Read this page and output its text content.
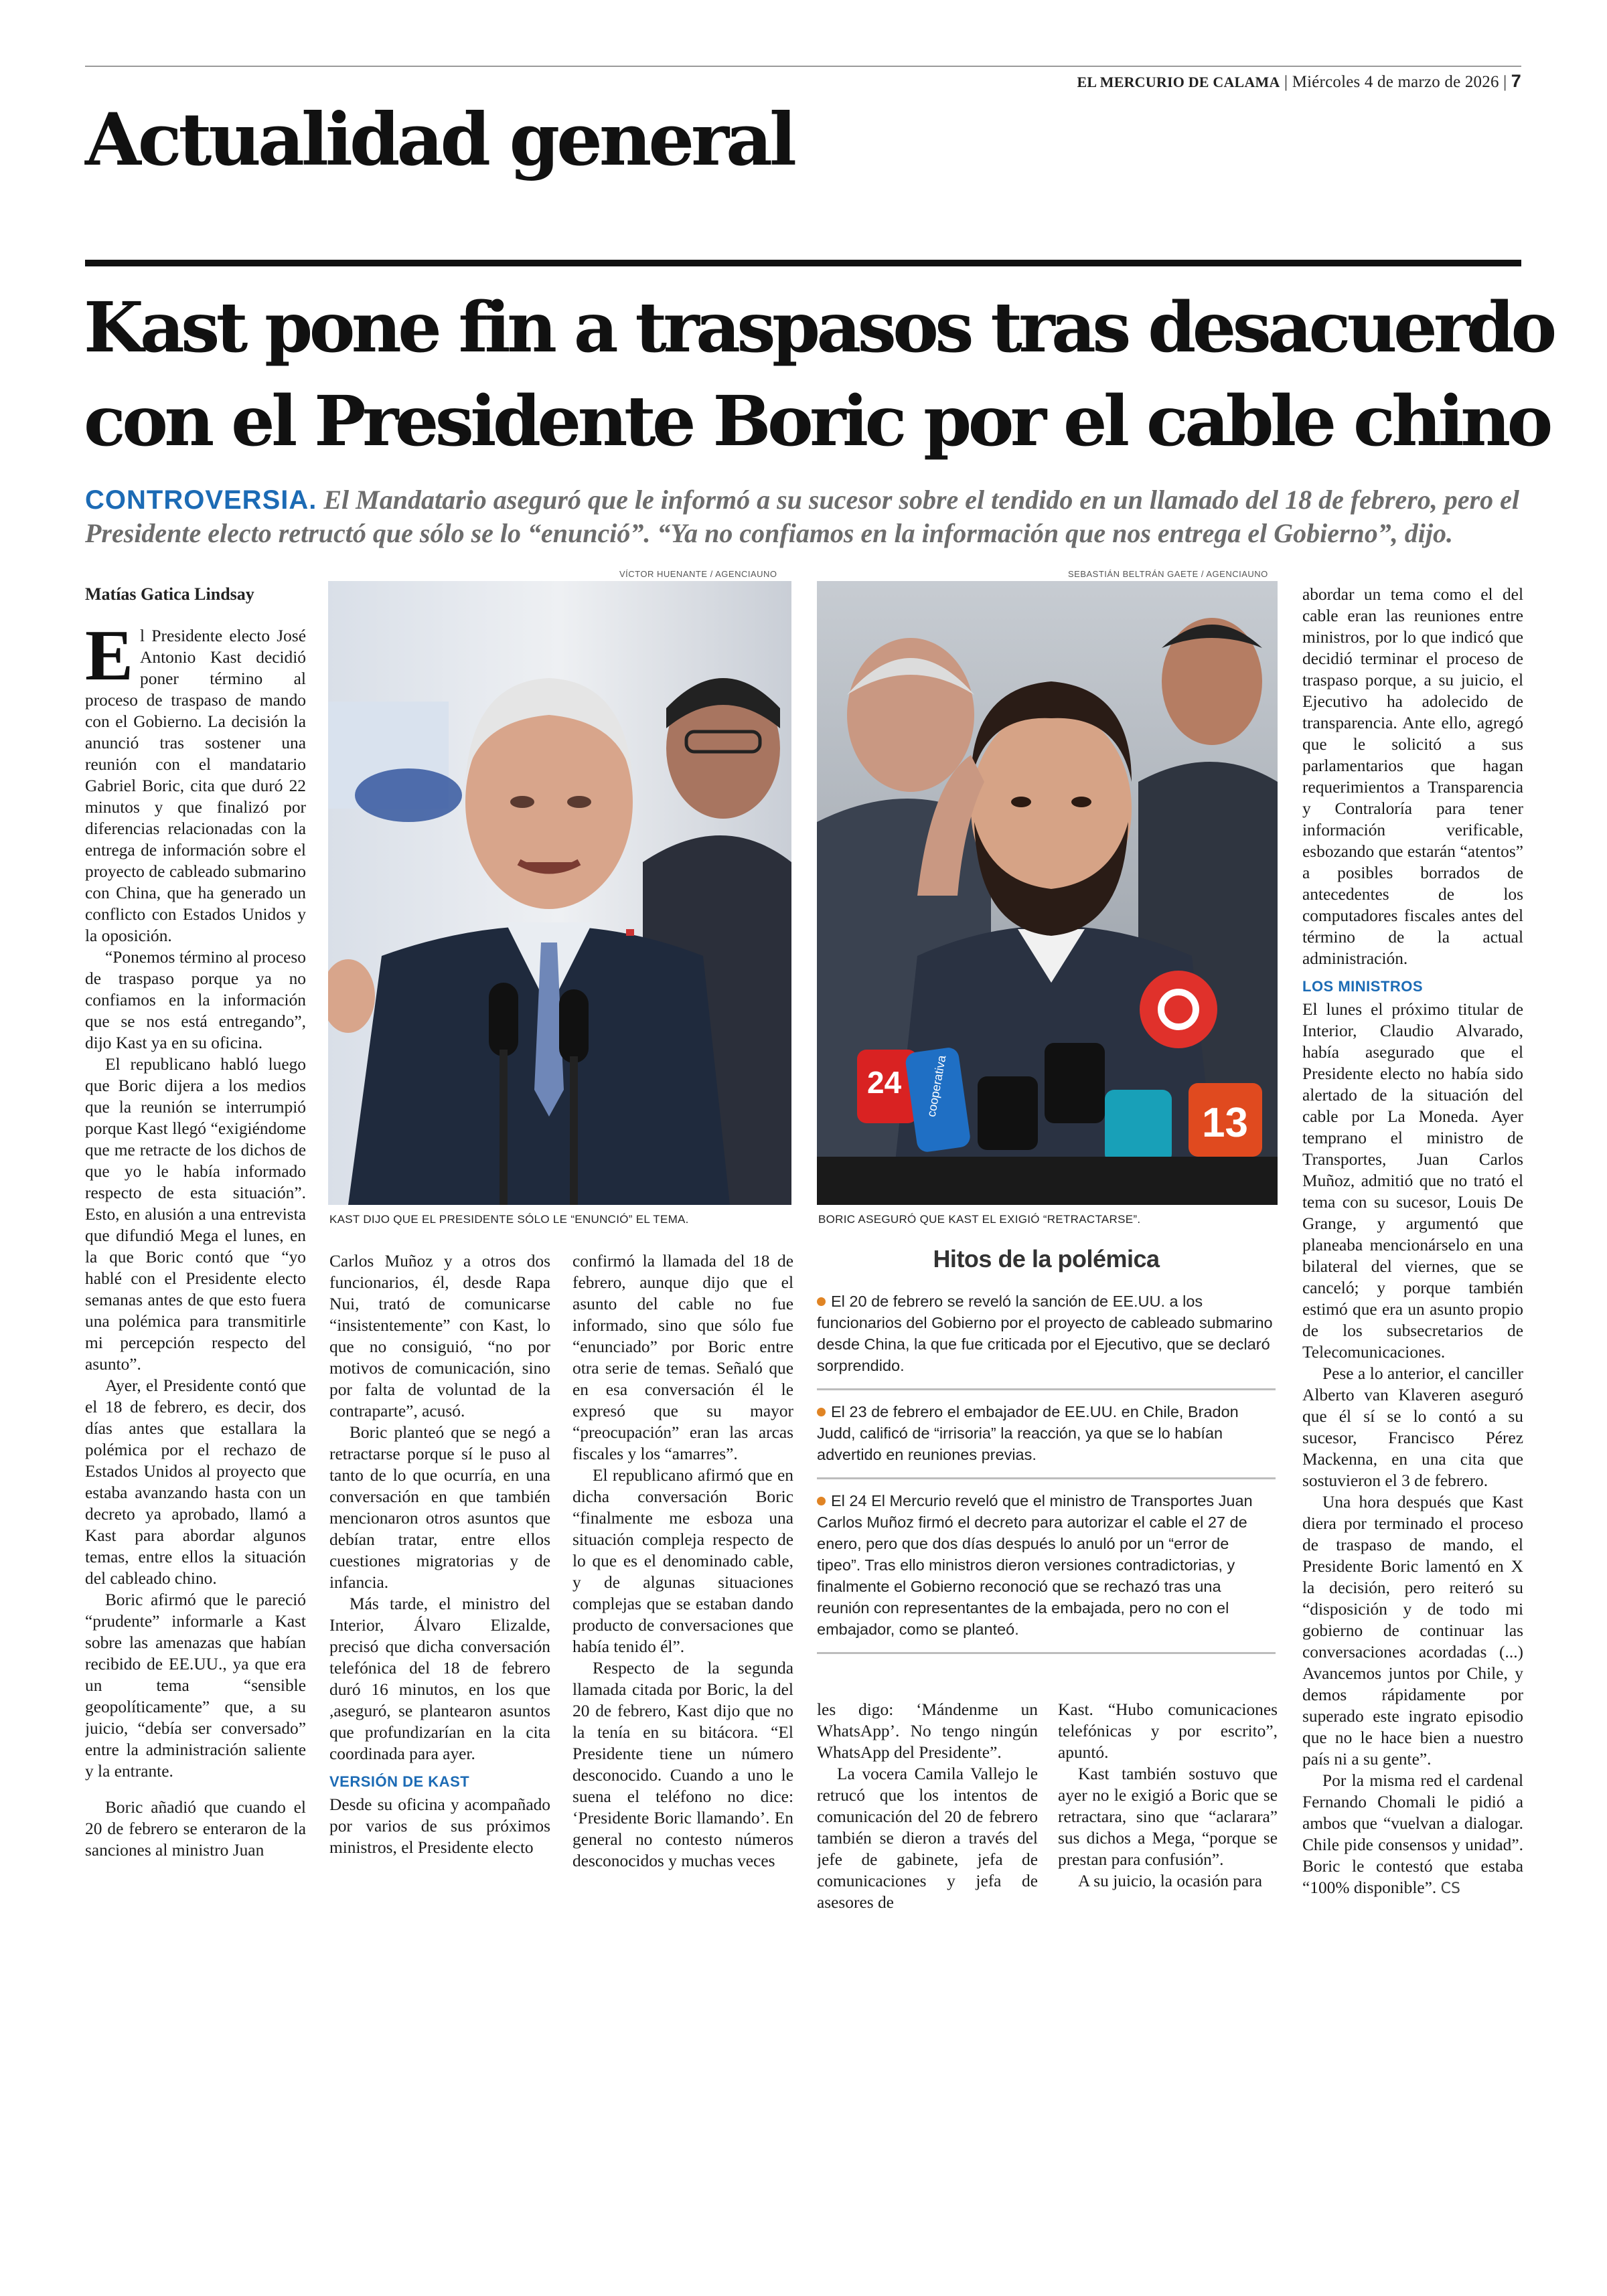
EL MERCURIO DE CALAMA | Miércoles 4 de marzo de 2026 | 7
Actualidad general
Kast pone fin a traspasos tras desacuerdo
con el Presidente Boric por el cable chino
CONTROVERSIA. El Mandatario aseguró que le informó a su sucesor sobre el tendido en un llamado del 18 de febrero, pero el Presidente electo retructó que sólo se lo “enunció”. “Ya no confiamos en la información que nos entrega el Gobierno”, dijo.
Matías Gatica Lindsay

El Presidente electo José Antonio Kast decidió poner término al proceso de traspaso de mando con el Gobierno. La decisión la anunció tras sostener una reunión con el mandatario Gabriel Boric, cita que duró 22 minutos y que finalizó por diferencias relacionadas con la entrega de información sobre el proyecto de cableado submarino con China, que ha generado un conflicto con Estados Unidos y la oposición.

“Ponemos término al proceso de traspaso porque ya no confiamos en la información que se nos está entregando”, dijo Kast ya en su oficina.

El republicano habló luego que Boric dijera a los medios que la reunión se interrumpió porque Kast llegó “exigiéndome que me retracte de los dichos de que yo le había informado respecto de esta situación”. Esto, en alusión a una entrevista que difundió Mega el lunes, en la que Boric contó que “yo hablé con el Presidente electo semanas antes de que esto fuera una polémica para transmitirle mi percepción respecto del asunto”.

Ayer, el Presidente contó que el 18 de febrero, es decir, dos días antes que estallara la polémica por el rechazo de Estados Unidos al proyecto que estaba avanzando hasta con un decreto ya aprobado, llamó a Kast para abordar algunos temas, entre ellos la situación del cableado chino.

Boric afirmó que le pareció “prudente” informarle a Kast sobre las amenazas que habían recibido de EE.UU., ya que era un tema “sensible geopolíticamente” que, a su juicio, “debía ser conversado” entre la administración saliente y la entrante.

Boric añadió que cuando el 20 de febrero se enteraron de la sanciones al ministro Juan

VÍCTOR HUENANTE / AGENCIAUNO
KAST DIJO QUE EL PRESIDENTE SÓLO LE “ENUNCIÓ” EL TEMA.
SEBASTIÁN BELTRÁN GAETE / AGENCIAUNO
24 cooperativa
13
BORIC ASEGURÓ QUE KAST EL EXIGIÓ “RETRACTARSE”.

Carlos Muñoz y a otros dos funcionarios, él, desde Rapa Nui, trató de comunicarse “insistentemente” con Kast, lo que no consiguió, “no por motivos de comunicación, sino por falta de voluntad de la contraparte”, acusó.

Boric planteó que se negó a retractarse porque sí le puso al tanto de lo que ocurría, en una conversación en que también mencionaron otros asuntos que debían tratar, entre ellos cuestiones migratorias y de infancia.

Más tarde, el ministro del Interior, Álvaro Elizalde, precisó que dicha conversación telefónica del 18 de febrero duró 16 minutos, en los que ,aseguró, se plantearon asuntos que profundizarían en la cita coordinada para ayer.

VERSIÓN DE KAST

Desde su oficina y acompañado por varios de sus próximos ministros, el Presidente electo

confirmó la llamada del 18 de febrero, aunque dijo que el asunto del cable no fue informado, sino que sólo fue “enunciado” por Boric entre otra serie de temas. Señaló que en esa conversación él le expresó que su mayor “preocupación” eran las arcas fiscales y los “amarres”.

El republicano afirmó que en dicha conversación Boric “finalmente me esboza una situación compleja respecto de lo que es el denominado cable, y de algunas situaciones complejas que se estaban dando producto de conversaciones que había tenido él”.

Respecto de la segunda llamada citada por Boric, la del 20 de febrero, Kast dijo que no la tenía en su bitácora. “El Presidente tiene un número desconocido. Cuando a uno le suena el teléfono no dice: ‘Presidente Boric llamando’. En general no contesto números desconocidos y muchas veces

Hitos de la polémica
El 20 de febrero se reveló la sanción de EE.UU. a los funcionarios del Gobierno por el proyecto de cableado submarino desde China, la que fue criticada por el Ejecutivo, que se declaró sorprendido.
El 23 de febrero el embajador de EE.UU. en Chile, Bradon Judd, calificó de “irrisoria” la reacción, ya que se lo habían advertido en reuniones previas.
El 24 El Mercurio reveló que el ministro de Transportes Juan Carlos Muñoz firmó el decreto para autorizar el cable el 27 de enero, pero que dos días después lo anuló por un “error de tipeo”. Tras ello ministros dieron versiones contradictorias, y finalmente el Gobierno reconoció que se rechazó tras una reunión con representantes de la embajada, pero no con el embajador, como se planteó.

les digo: ‘Mándenme un WhatsApp’. No tengo ningún WhatsApp del Presidente”.

La vocera Camila Vallejo le retrucó que los intentos de comunicación del 20 de febrero también se dieron a través del jefe de gabinete, jefa de comunicaciones y jefa de asesores de

Kast. “Hubo comunicaciones telefónicas y por escrito”, apuntó.

Kast también sostuvo que ayer no le exigió a Boric que se retractara, sino que “aclarara” sus dichos a Mega, “porque se prestan para confusión”.

A su juicio, la ocasión para

abordar un tema como el del cable eran las reuniones entre ministros, por lo que indicó que decidió terminar el proceso de traspaso porque, a su juicio, el Ejecutivo ha adolecido de transparencia. Ante ello, agregó que le solicitó a sus parlamentarios que hagan requerimientos a Transparencia y Contraloría para tener información verificable, esbozando que estarán “atentos” a posibles borrados de antecedentes de los computadores fiscales antes del término de la actual administración.

LOS MINISTROS

El lunes el próximo titular de Interior, Claudio Alvarado, había asegurado que el Presidente electo no había sido alertado de la situación del cable por La Moneda. Ayer temprano el ministro de Transportes, Juan Carlos Muñoz, admitió que no trató el tema con su sucesor, Louis De Grange, y argumentó que planeaba mencionárselo en una bilateral del viernes, que se canceló; y porque también estimó que era un asunto propio de los subsecretarios de Telecomunicaciones.

Pese a lo anterior, el canciller Alberto van Klaveren aseguró que él sí se lo contó a su sucesor, Francisco Pérez Mackenna, en una cita que sostuvieron el 3 de febrero.

Una hora después que Kast diera por terminado el proceso de traspaso de mando, el Presidente Boric lamentó en X la decisión, pero reiteró su “disposición y de todo mi gobierno de continuar las conversaciones acordadas (...) Avancemos juntos por Chile, y demos rápidamente por superado este ingrato episodio que no le hace bien a nuestro país ni a su gente”.

Por la misma red el cardenal Fernando Chomali le pidió a ambos que “vuelvan a dialogar. Chile pide consensos y unidad”. Boric le contestó que estaba “100% disponible”. CS
